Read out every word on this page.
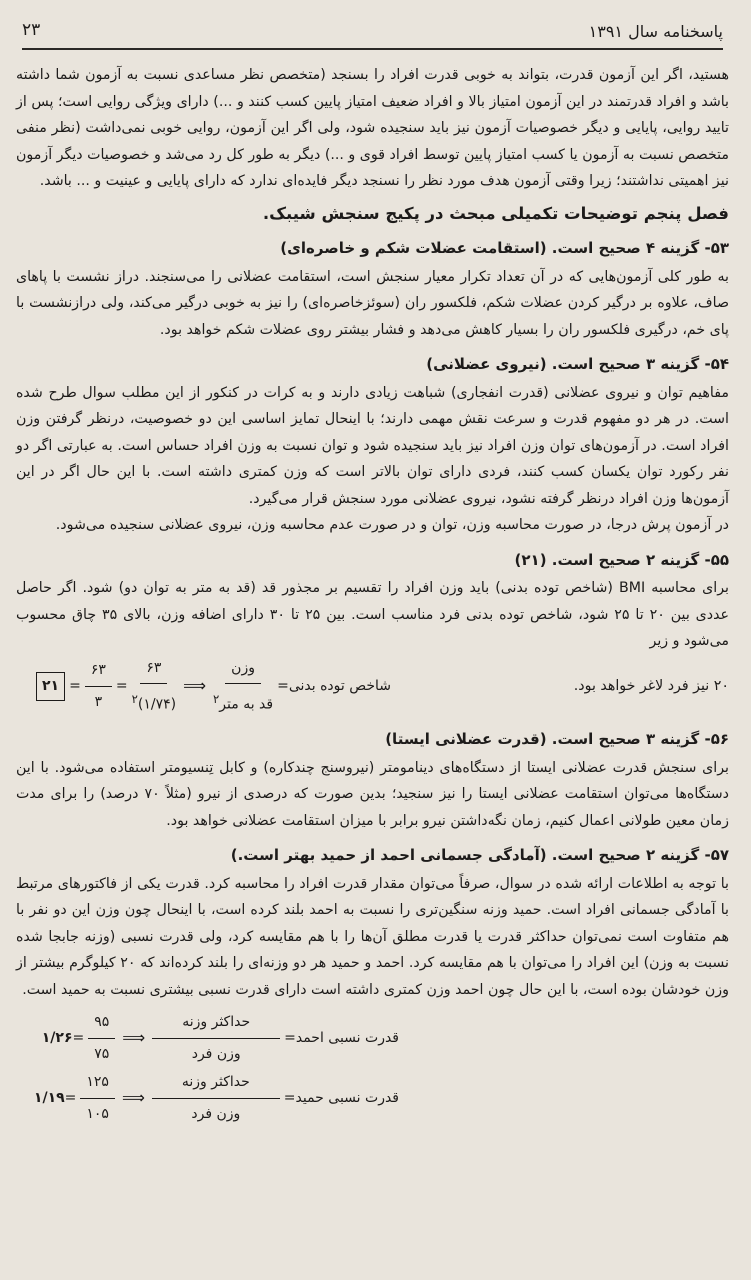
پاسخنامه سال ۱۳۹۱
۲۳

هستید، اگر این آزمون قدرت، بتواند به خوبی قدرت افراد را بسنجد (متخصص نظر مساعدی نسبت به آزمون شما داشته باشد و افراد قدرتمند در این آزمون امتیاز بالا و افراد ضعیف امتیاز پایین کسب کنند و ...) دارای ویژگی روایی است؛ پس از تایید روایی، پایایی و دیگر خصوصیات آزمون نیز باید سنجیده شود، ولی اگر این آزمون، روایی خوبی نمی‌داشت (نظر منفی متخصص نسبت به آزمون یا کسب امتیاز پایین توسط افراد قوی و ...) دیگر به طور کل رد می‌شد و خصوصیات دیگر آزمون نیز اهمیتی نداشتند؛ زیرا وقتی آزمون هدف مورد نظر را نسنجد دیگر فایده‌ای ندارد که دارای پایایی و عینیت و ... باشد.

فصل پنجم توضیحات تکمیلی مبحث در پکیج سنجش شیبک.
۵۳- گزینه ۴ صحیح است. (استقامت عضلات شکم و خاصره‌ای)

به طور کلی آزمون‌هایی که در آن تعداد تکرار معیار سنجش است، استقامت عضلانی را می‌سنجند. دراز نشست با پاهای صاف، علاوه بر درگیر کردن عضلات شکم، فلکسور ران (سوئزخاصره‌ای) را نیز به خوبی درگیر می‌کند، ولی درازنشست با پای خم، درگیری فلکسور ران را بسیار کاهش می‌دهد و فشار بیشتر روی عضلات شکم خواهد بود.

۵۴- گزینه ۳ صحیح است. (نیروی عضلانی)

مفاهیم توان و نیروی عضلانی (قدرت انفجاری) شباهت زیادی دارند و به کرات در کنکور از این مطلب سوال طرح شده است. در هر دو مفهوم قدرت و سرعت نقش مهمی دارند؛ با اینحال تمایز اساسی این دو خصوصیت، درنظر گرفتن وزن افراد است. در آزمون‌های توان وزن افراد نیز باید سنجیده شود و توان نسبت به وزن افراد حساس است. به عبارتی اگر دو نفر رکورد توان یکسان کسب کنند، فردی دارای توان بالاتر است که وزن کمتری داشته است. با این حال اگر در این آزمون‌ها وزن افراد درنظر گرفته نشود، نیروی عضلانی مورد سنجش قرار می‌گیرد.

در آزمون پرش درجا، در صورت محاسبه وزن، توان و در صورت عدم محاسبه وزن، نیروی عضلانی سنجیده می‌شود.

۵۵- گزینه ۲ صحیح است. (۲۱)

برای محاسبه BMI (شاخص توده بدنی) باید وزن افراد را تقسیم بر مجذور قد (قد به متر به توان دو) شود. اگر حاصل عددی بین ۲۰ تا ۲۵ شود، شاخص توده بدنی فرد مناسب است. بین ۲۵ تا ۳۰ دارای اضافه وزن، بالای ۳۵ چاق محسوب می‌شود و زیر

۲۰ نیز فرد لاغر خواهد بود.
شاخص توده بدنی
=
$\frac{\text{وزن}}{قد به متر^۲}$
⟹
$\frac{۶۳}{(۱/۷۴)^۲}$
=
$\frac{۶۳}{۳}$
=
۲۱
۵۶- گزینه ۳ صحیح است. (قدرت عضلانی ایستا)

برای سنجش قدرت عضلانی ایستا از دستگاه‌های دینامومتر (نیروسنج چندکاره) و کابل تِنسیومتر استفاده می‌شود. با این دستگاه‌ها می‌توان استقامت عضلانی ایستا را نیز سنجید؛ بدین صورت که درصدی از نیرو (مثلاً ۷۰ درصد) را برای مدت زمان معین طولانی اعمال کنیم، زمان نگه‌داشتن نیرو برابر با میزان استقامت عضلانی خواهد بود.

۵۷- گزینه ۲ صحیح است. (آمادگی جسمانی احمد از حمید بهتر است.)

با توجه به اطلاعات ارائه شده در سوال، صرفاً می‌توان مقدار قدرت افراد را محاسبه کرد. قدرت یکی از فاکتورهای مرتبط با آمادگی جسمانی افراد است. حمید وزنه سنگین‌تری را نسبت به احمد بلند کرده است، با اینحال چون وزن این دو نفر با هم متفاوت است نمی‌توان حداکثر قدرت یا قدرت مطلق آن‌ها را با هم مقایسه کرد، ولی قدرت نسبی (وزنه جابجا شده نسبت به وزن) این افراد را می‌توان با هم مقایسه کرد. احمد و حمید هر دو وزنه‌ای را بلند کرده‌اند که ۲۰ کیلوگرم بیشتر از وزن خودشان بوده است، با این حال چون احمد وزن کمتری داشته است دارای قدرت نسبی بیشتری نسبت به حمید است.

قدرت نسبی احمد
=
$\frac{\text{حداکثر وزنه}}{\text{وزن فرد}}$
⟹
$\frac{۹۵}{۷۵}$
=
۱/۲۶
قدرت نسبی حمید
=
$\frac{\text{حداکثر وزنه}}{\text{وزن فرد}}$
⟹
$\frac{۱۲۵}{۱۰۵}$
=
۱/۱۹
